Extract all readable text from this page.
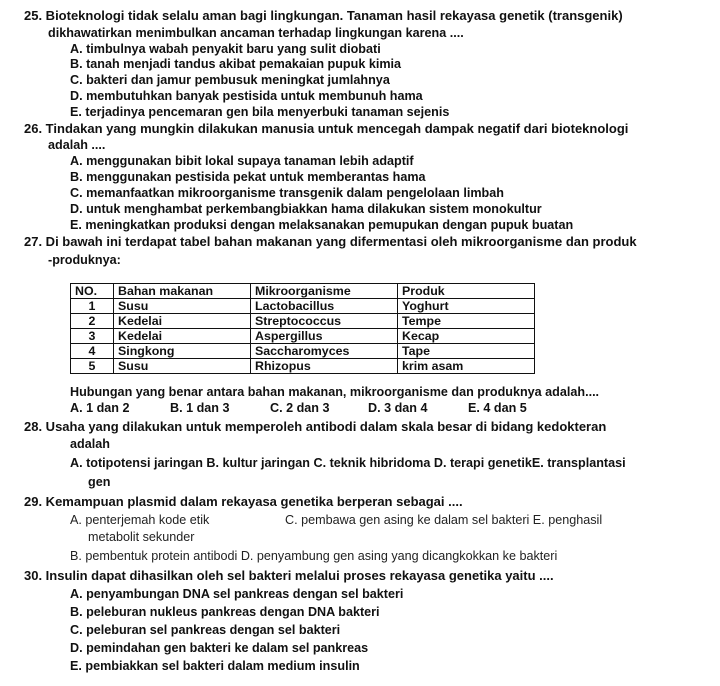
25. Bioteknologi tidak selalu aman bagi lingkungan. Tanaman hasil rekayasa genetik (transgenik)
dikhawatirkan menimbulkan ancaman terhadap lingkungan karena ....
A. timbulnya wabah penyakit baru yang sulit diobati
B. tanah menjadi tandus akibat pemakaian pupuk kimia
C. bakteri dan jamur pembusuk meningkat jumlahnya
D. membutuhkan banyak pestisida untuk membunuh hama
E. terjadinya pencemaran gen bila menyerbuki tanaman sejenis
26. Tindakan yang mungkin dilakukan manusia untuk mencegah dampak negatif dari bioteknologi
adalah ....
A. menggunakan bibit lokal supaya tanaman lebih adaptif
B. menggunakan pestisida pekat untuk memberantas hama
C. memanfaatkan mikroorganisme transgenik dalam pengelolaan limbah
D. untuk menghambat perkembangbiakkan hama dilakukan sistem monokultur
E. meningkatkan produksi dengan melaksanakan pemupukan dengan pupuk buatan
27. Di bawah ini terdapat tabel bahan makanan yang difermentasi oleh mikroorganisme dan produk
-produknya:
NO.	Bahan makanan	Mikroorganisme	Produk
1	Susu	Lactobacillus	Yoghurt
2	Kedelai	Streptococcus	Tempe
3	Kedelai	Aspergillus	Kecap
4	Singkong	Saccharomyces	Tape
5	Susu	Rhizopus	krim asam
Hubungan yang benar antara bahan makanan, mikroorganisme dan produknya adalah....
A. 1 dan 2	B. 1 dan 3	C. 2 dan 3	D. 3 dan 4	E. 4 dan 5
28. Usaha yang dilakukan untuk memperoleh antibodi dalam skala besar di bidang kedokteran
adalah
A. totipotensi jaringan B. kultur jaringan C. teknik hibridoma D. terapi genetikE. transplantasi
gen
29. Kemampuan plasmid dalam rekayasa genetika berperan sebagai ....
A. penterjemah kode etik	C. pembawa gen asing ke dalam sel bakteri E. penghasil
metabolit sekunder
B. pembentuk protein antibodi D. penyambung gen asing yang dicangkokkan ke bakteri
30. Insulin dapat dihasilkan oleh sel bakteri melalui proses rekayasa genetika yaitu ....
A. penyambungan DNA sel pankreas dengan sel bakteri
B. peleburan nukleus pankreas dengan DNA bakteri
C. peleburan sel pankreas dengan sel bakteri
D. pemindahan gen bakteri ke dalam sel pankreas
E. pembiakkan sel bakteri dalam medium insulin
